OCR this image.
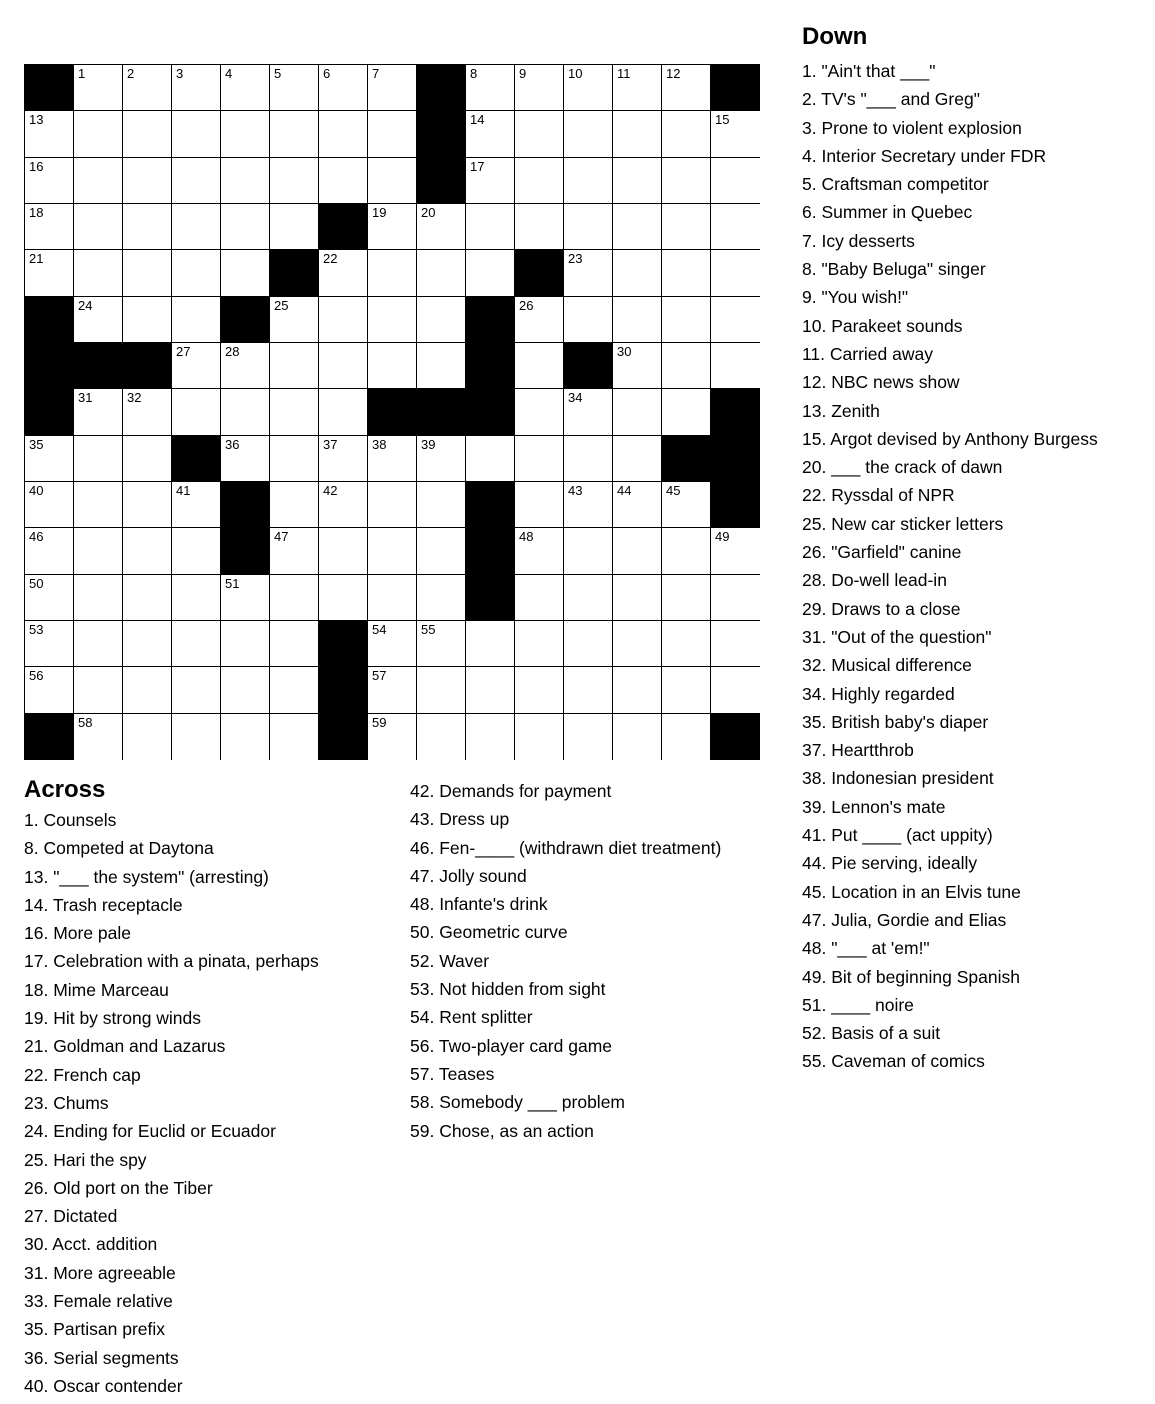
1	2	3	4	5	6	7	8	9	10	11	12
13	14	15
16	17
18	19	20
21	22	23
24	25	26
27	28	29	30
31	32	33	34
35	36	37	38	39
40	41	42	43	44	45
46	47	48	49
50	51	52
53	54	55
56	57
58	59
Across
1. Counsels
8. Competed at Daytona
13. "___ the system" (arresting)
14. Trash receptacle
16. More pale
17. Celebration with a pinata, perhaps
18. Mime Marceau
19. Hit by strong winds
21. Goldman and Lazarus
22. French cap
23. Chums
24. Ending for Euclid or Ecuador
25. Hari the spy
26. Old port on the Tiber
27. Dictated
30. Acct. addition
31. More agreeable
33. Female relative
35. Partisan prefix
36. Serial segments
40. Oscar contender
42. Demands for payment
43. Dress up
46. Fen-____ (withdrawn diet treatment)
47. Jolly sound
48. Infante's drink
50. Geometric curve
52. Waver
53. Not hidden from sight
54. Rent splitter
56. Two-player card game
57. Teases
58. Somebody ___ problem
59. Chose, as an action
Down
1. "Ain't that ___"
2. TV's "___ and Greg"
3. Prone to violent explosion
4. Interior Secretary under FDR
5. Craftsman competitor
6. Summer in Quebec
7. Icy desserts
8. "Baby Beluga" singer
9. "You wish!"
10. Parakeet sounds
11. Carried away
12. NBC news show
13. Zenith
15. Argot devised by Anthony Burgess
20. ___ the crack of dawn
22. Ryssdal of NPR
25. New car sticker letters
26. "Garfield" canine
28. Do-well lead-in
29. Draws to a close
31. "Out of the question"
32. Musical difference
34. Highly regarded
35. British baby's diaper
37. Heartthrob
38. Indonesian president
39. Lennon's mate
41. Put ____ (act uppity)
44. Pie serving, ideally
45. Location in an Elvis tune
47. Julia, Gordie and Elias
48. "___ at 'em!"
49. Bit of beginning Spanish
51. ____ noire
52. Basis of a suit
55. Caveman of comics
